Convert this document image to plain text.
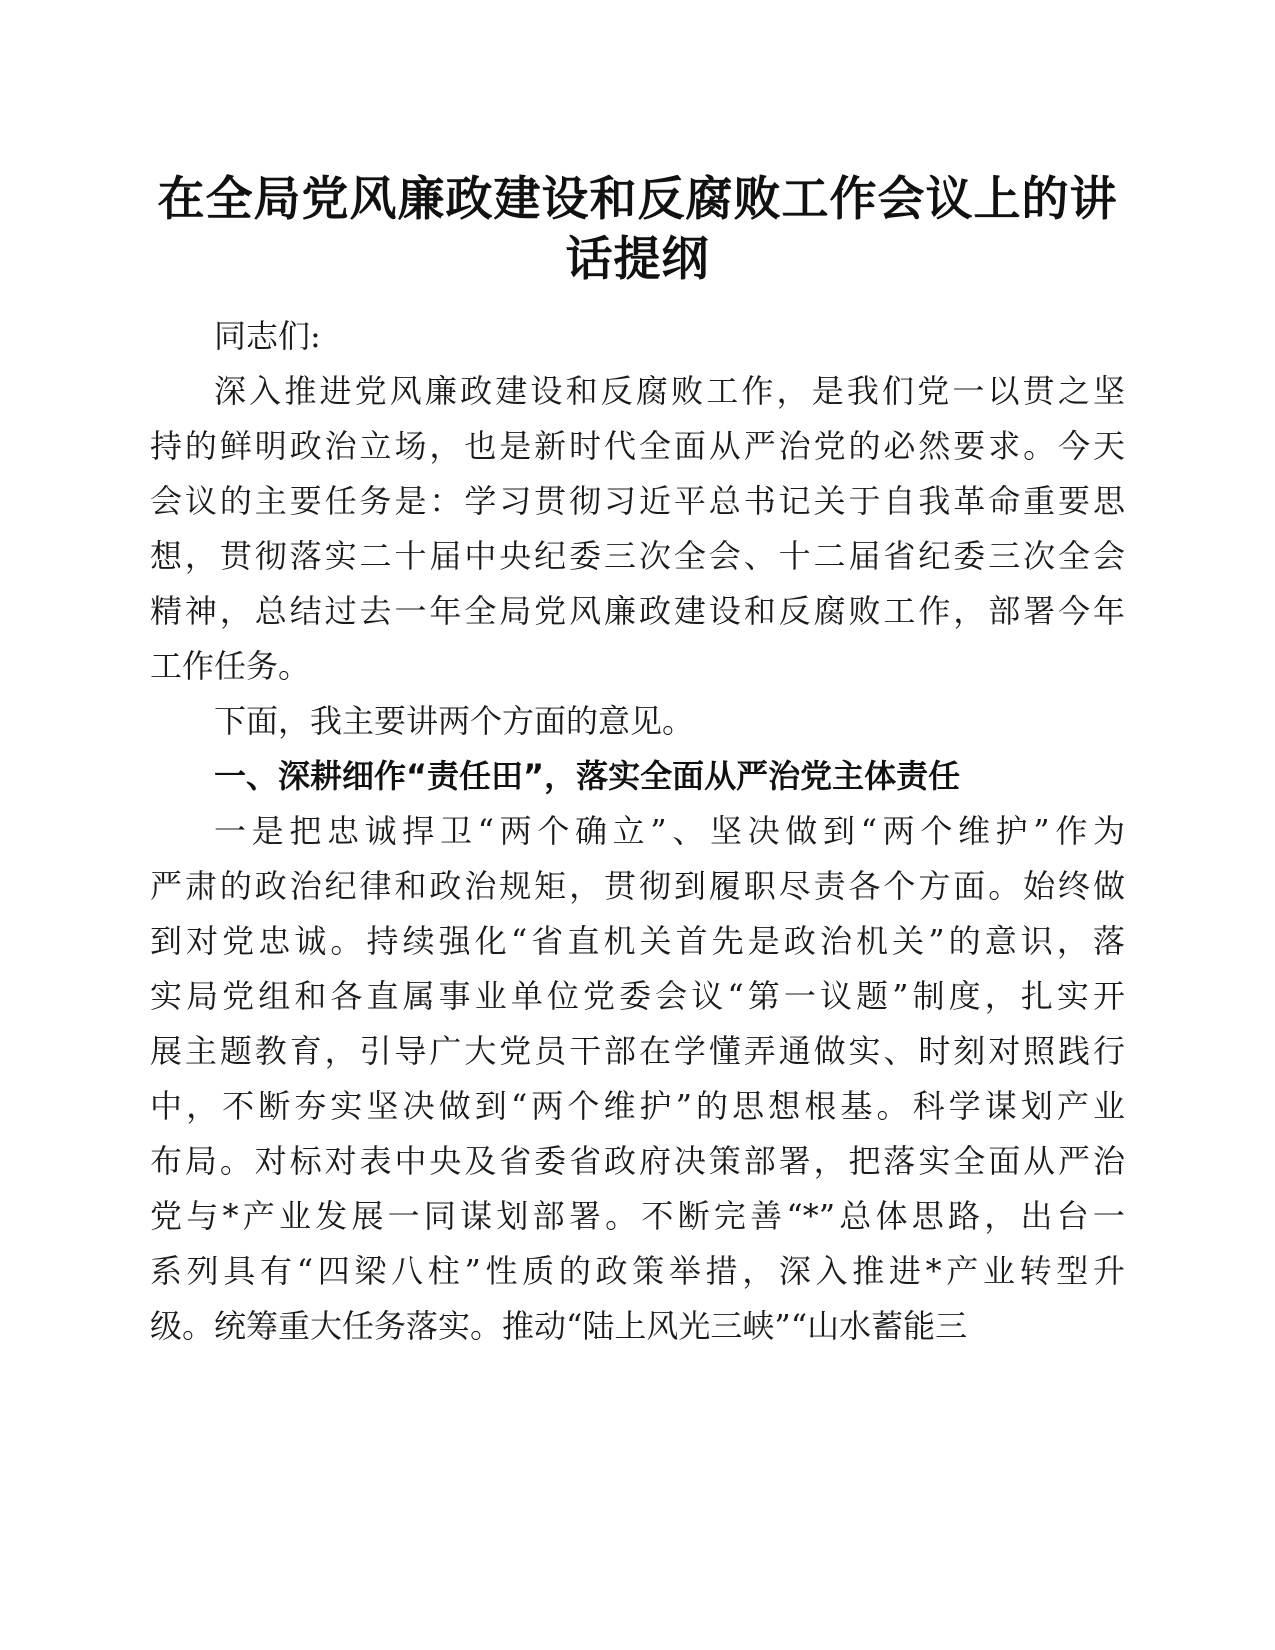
在全局党风廉政建设和反腐败工作会议上的讲话提纲
同志们:
深入推进党风廉政建设和反腐败工作，是我们党一以贯之坚
持的鲜明政治立场，也是新时代全面从严治党的必然要求。今天
会议的主要任务是：学习贯彻习近平总书记关于自我革命重要思
想，贯彻落实二十届中央纪委三次全会、十二届省纪委三次全会
精神，总结过去一年全局党风廉政建设和反腐败工作，部署今年
工作任务。
下面，我主要讲两个方面的意见。
一、深耕细作“责任田”，落实全面从严治党主体责任
一是把忠诚捍卫“两个确立”、坚决做到“两个维护”作为
严肃的政治纪律和政治规矩，贯彻到履职尽责各个方面。始终做
到对党忠诚。持续强化“省直机关首先是政治机关”的意识，落
实局党组和各直属事业单位党委会议“第一议题”制度，扎实开
展主题教育，引导广大党员干部在学懂弄通做实、时刻对照践行
中，不断夯实坚决做到“两个维护”的思想根基。科学谋划产业
布局。对标对表中央及省委省政府决策部署，把落实全面从严治
党与*产业发展一同谋划部署。不断完善“*”总体思路，出台一
系列具有“四梁八柱”性质的政策举措，深入推进*产业转型升
级。统筹重大任务落实。推动“陆上风光三峡”“山水蓄能三
